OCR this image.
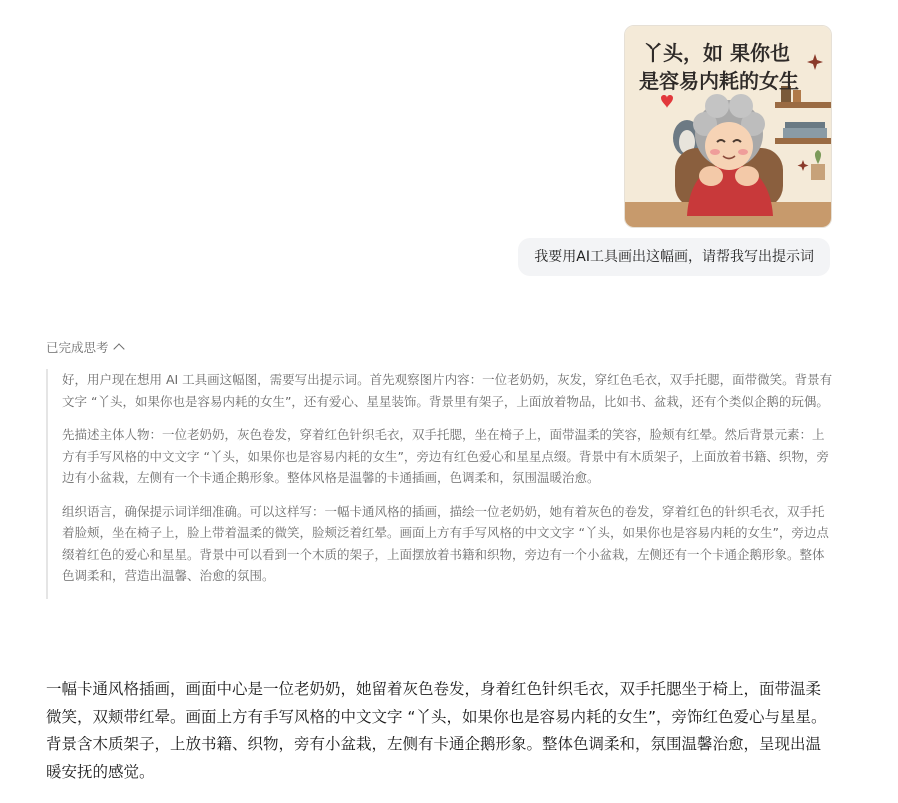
丫头，如 果你也
是容易内耗的女生
我要用AI工具画出这幅画，请帮我写出提示词
已完成思考

好，用户现在想用 AI 工具画这幅图，需要写出提示词。首先观察图片内容：一位老奶奶，灰发，穿红色毛衣，双手托腮，面带微笑。背景有文字 “丫头，如果你也是容易内耗的女生”，还有爱心、星星装饰。背景里有架子，上面放着物品，比如书、盆栽，还有个类似企鹅的玩偶。

先描述主体人物：一位老奶奶，灰色卷发，穿着红色针织毛衣，双手托腮，坐在椅子上，面带温柔的笑容，脸颊有红晕。然后背景元素：上方有手写风格的中文文字 “丫头，如果你也是容易内耗的女生”，旁边有红色爱心和星星点缀。背景中有木质架子，上面放着书籍、织物，旁边有小盆栽，左侧有一个卡通企鹅形象。整体风格是温馨的卡通插画，色调柔和，氛围温暖治愈。

组织语言，确保提示词详细准确。可以这样写：一幅卡通风格的插画，描绘一位老奶奶，她有着灰色的卷发，穿着红色的针织毛衣，双手托着脸颊，坐在椅子上，脸上带着温柔的微笑，脸颊泛着红晕。画面上方有手写风格的中文文字 “丫头，如果你也是容易内耗的女生”，旁边点缀着红色的爱心和星星。背景中可以看到一个木质的架子，上面摆放着书籍和织物，旁边有一个小盆栽，左侧还有一个卡通企鹅形象。整体色调柔和，营造出温馨、治愈的氛围。

一幅卡通风格插画，画面中心是一位老奶奶，她留着灰色卷发，身着红色针织毛衣，双手托腮坐于椅上，面带温柔微笑，双颊带红晕。画面上方有手写风格的中文文字 “丫头，如果你也是容易内耗的女生”，旁饰红色爱心与星星。背景含木质架子，上放书籍、织物，旁有小盆栽，左侧有卡通企鹅形象。整体色调柔和，氛围温馨治愈，呈现出温暖安抚的感觉。
